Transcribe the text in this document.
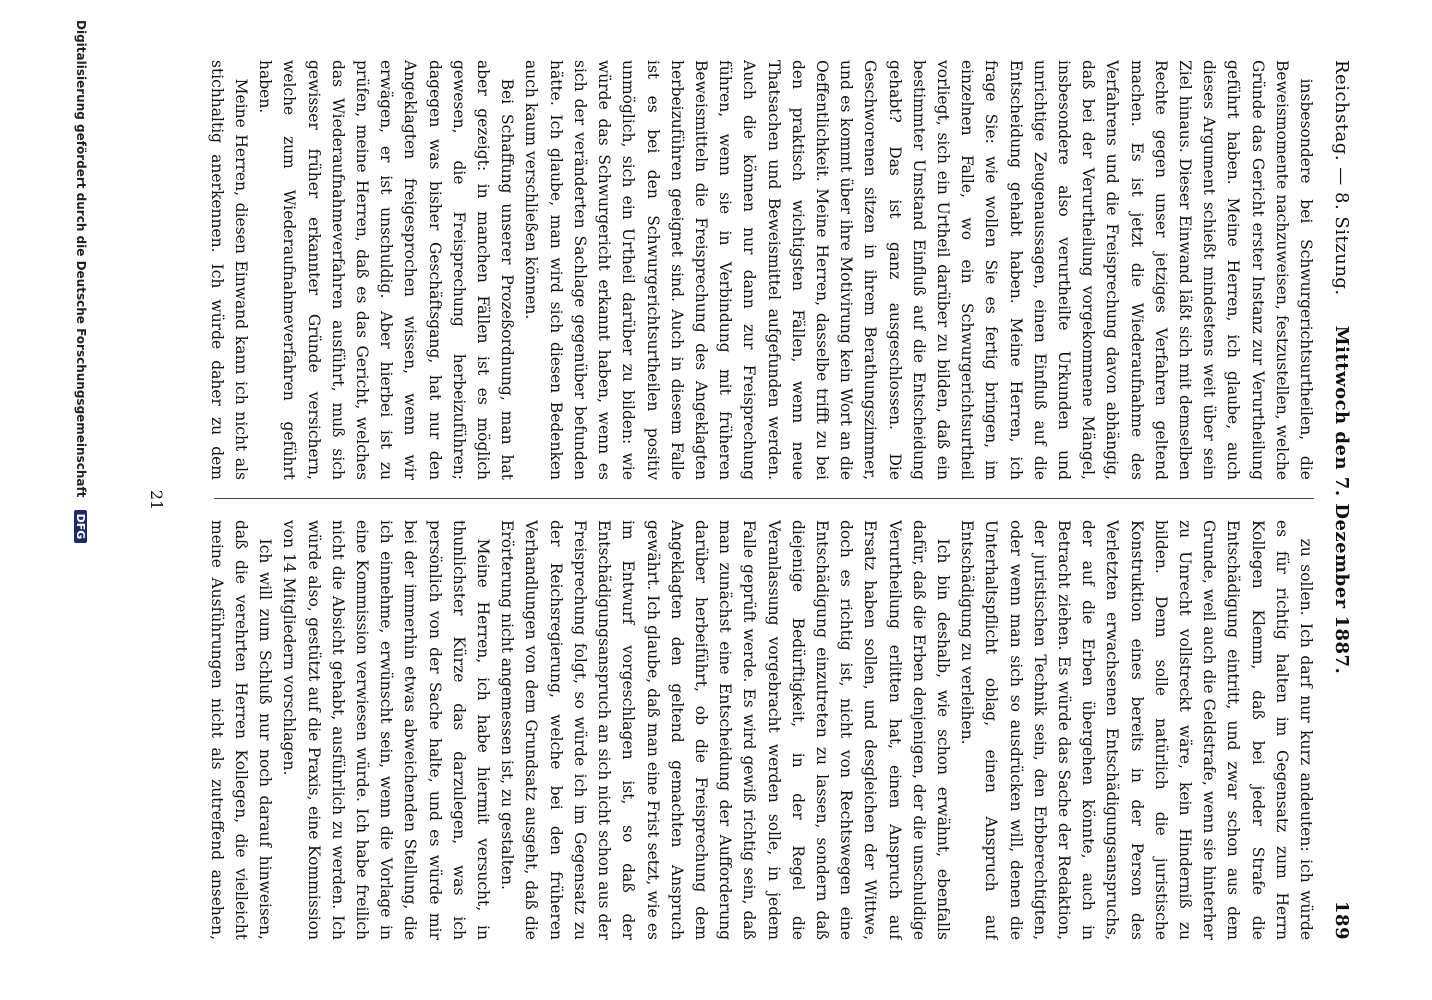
Reichstag. — 8. Sitzung.
Mittwoch den 7. Dezember 1887.
189

insbesondere bei Schwurgerichtsurtheilen, die Beweismomente nachzuweisen, festzustellen, welche Gründe das Gericht erster Instanz zur Verurtheilung geführt haben. Meine Herren, ich glaube, auch dieses Argument schießt mindestens weit über sein Ziel hinaus. Dieser Einwand läßt sich mit demselben Rechte gegen unser jetziges Verfahren geltend machen. Es ist jetzt die Wiederaufnahme des Verfahrens und die Freisprechung davon abhängig, daß bei der Verurtheilung vorgekommene Mängel, insbesondere also verurtheilte Urkunden und unrichtige Zeugenaussagen, einen Einfluß auf die Entscheidung gehabt haben. Meine Herren, ich frage Sie: wie wollen Sie es fertig bringen, im einzelnen Falle, wo ein Schwurgerichtsurtheil vorliegt, sich ein Urtheil darüber zu bilden, daß ein bestimmter Umstand Einfluß auf die Entscheidung gehabt? Das ist ganz ausgeschlossen. Die Geschworenen sitzen in ihrem Berathungszimmer, und es kommt über ihre Motivirung kein Wort an die Oeffentlichkeit. Meine Herren, dasselbe trifft zu bei den praktisch wichtigsten Fällen, wenn neue Thatsachen und Beweismittel aufgefunden werden. Auch die können nur dann zur Freisprechung führen, wenn sie in Verbindung mit früheren Beweismitteln die Freisprechung des Angeklagten herbeizuführen geeignet sind. Auch in diesem Falle ist es bei den Schwurgerichtsurtheilen positiv unmöglich, sich ein Urtheil darüber zu bilden: wie würde das Schwurgericht erkannt haben, wenn es sich der veränderten Sachlage gegenüber befunden hätte. Ich glaube, man wird sich diesen Bedenken auch kaum verschließen können.

Bei Schaffung unserer Prozeßordnung, man hat aber gezeigt: in manchen Fällen ist es möglich gewesen, die Freisprechung herbeizuführen; dagegen was bisher Geschäftsgang, hat nur den Angeklagten freigesprochen wissen, wenn wir erwägen, er ist unschuldig. Aber hierbei ist zu prüfen, meine Herren, daß es das Gericht, welches das Wiederaufnahmeverfahren ausführt, muß sich gewisser früher erkannter Gründe versichern, welche zum Wiederaufnahmeverfahren geführt haben.

Meine Herren, diesen Einwand kann ich nicht als stichhaltig anerkennen. Ich würde daher zu dem

zu sollen. Ich darf nur kurz andeuten: ich würde es für richtig halten im Gegensatz zum Herrn Kollegen Klemm, daß bei jeder Strafe die Entschädigung eintritt, und zwar schon aus dem Grunde, weil auch die Geldstrafe, wenn sie hinterher zu Unrecht vollstreckt wäre, kein Hinderniß zu bilden. Denn solle natürlich die juristische Konstruktion eines bereits in der Person des Verletzten erwachsenen Entschädigungsanspruchs, der auf die Erben übergehen könnte, auch in Betracht ziehen. Es würde das Sache der Redaktion, der juristischen Technik sein, den Erbberechtigten, oder wenn man sich so ausdrücken will, denen die Unterhaltspflicht oblag, einen Anspruch auf Entschädigung zu verleihen.

Ich bin deshalb, wie schon erwähnt, ebenfalls dafür, daß die Erben denjenigen, der die unschuldige Verurtheilung erlitten hat, einen Anspruch auf Ersatz haben sollen, und desgleichen der Wittwe, doch es richtig ist, nicht von Rechtswegen eine Entschädigung einzutreten zu lassen, sondern daß diejenige Bedürftigkeit, in der Regel die Veranlassung vorgebracht werden solle, in jedem Falle geprüft werde. Es wird gewiß richtig sein, daß man zunächst eine Entscheidung der Aufforderung darüber herbeiführt, ob die Freisprechung dem Angeklagten den geltend gemachten Anspruch gewährt. Ich glaube, daß man eine Frist setzt, wie es im Entwurf vorgeschlagen ist, so daß der Entschädigungsanspruch an sich nicht schon aus der Freisprechung folgt, so würde ich im Gegensatz zu der Reichsregierung, welche bei den früheren Verhandlungen von dem Grundsatz ausgeht, daß die Erörterung nicht angemessen ist, zu gestalten.

Meine Herren, ich habe hiermit versucht, in thunlichster Kürze das darzulegen, was ich persönlich von der Sache halte, und es würde mir bei der immerhin etwas abweichenden Stellung, die ich einnehme, erwünscht sein, wenn die Vorlage in eine Kommission verwiesen würde. Ich habe freilich nicht die Absicht gehabt, ausführlich zu werden. Ich würde also, gestützt auf die Praxis, eine Kommission von 14 Mitgliedern vorschlagen.

Ich will zum Schluß nur noch darauf hinweisen, daß die verehrten Herren Kollegen, die vielleicht meine Ausführungen nicht als zutreffend ansehen,

21
Digitalisierung gefördert durch die Deutsche Forschungsgemeinschaft DFG
